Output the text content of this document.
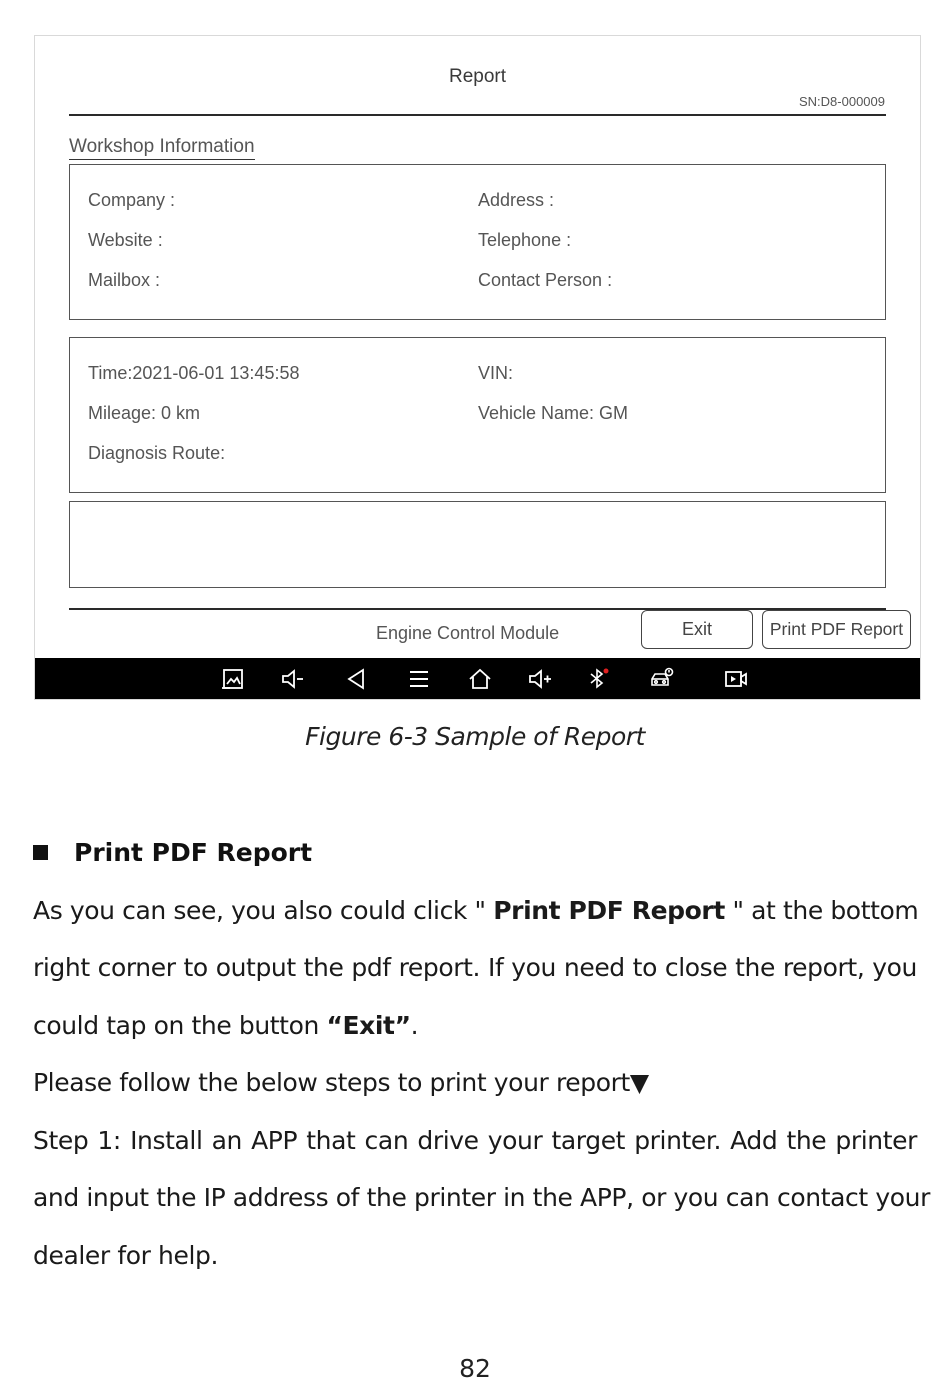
Report
SN:D8-000009
Workshop Information
Company :
Website :
Mailbox :
Address :
Telephone :
Contact Person :
Time:2021-06-01 13:45:58
Mileage: 0 km
Diagnosis Route:
VIN:
Vehicle Name: GM
Engine Control Module	Exit	Print PDF Report
Figure 6-3 Sample of Report
Print PDF Report
As you can see, you also could click " Print PDF Report " at the bottom
right corner to output the pdf report. If you need to close the report, you
could tap on the button “Exit”.
Please follow the below steps to print your report▼
Step 1: Install an APP that can drive your target printer. Add the printer
and input the IP address of the printer in the APP, or you can contact your
dealer for help.
82
